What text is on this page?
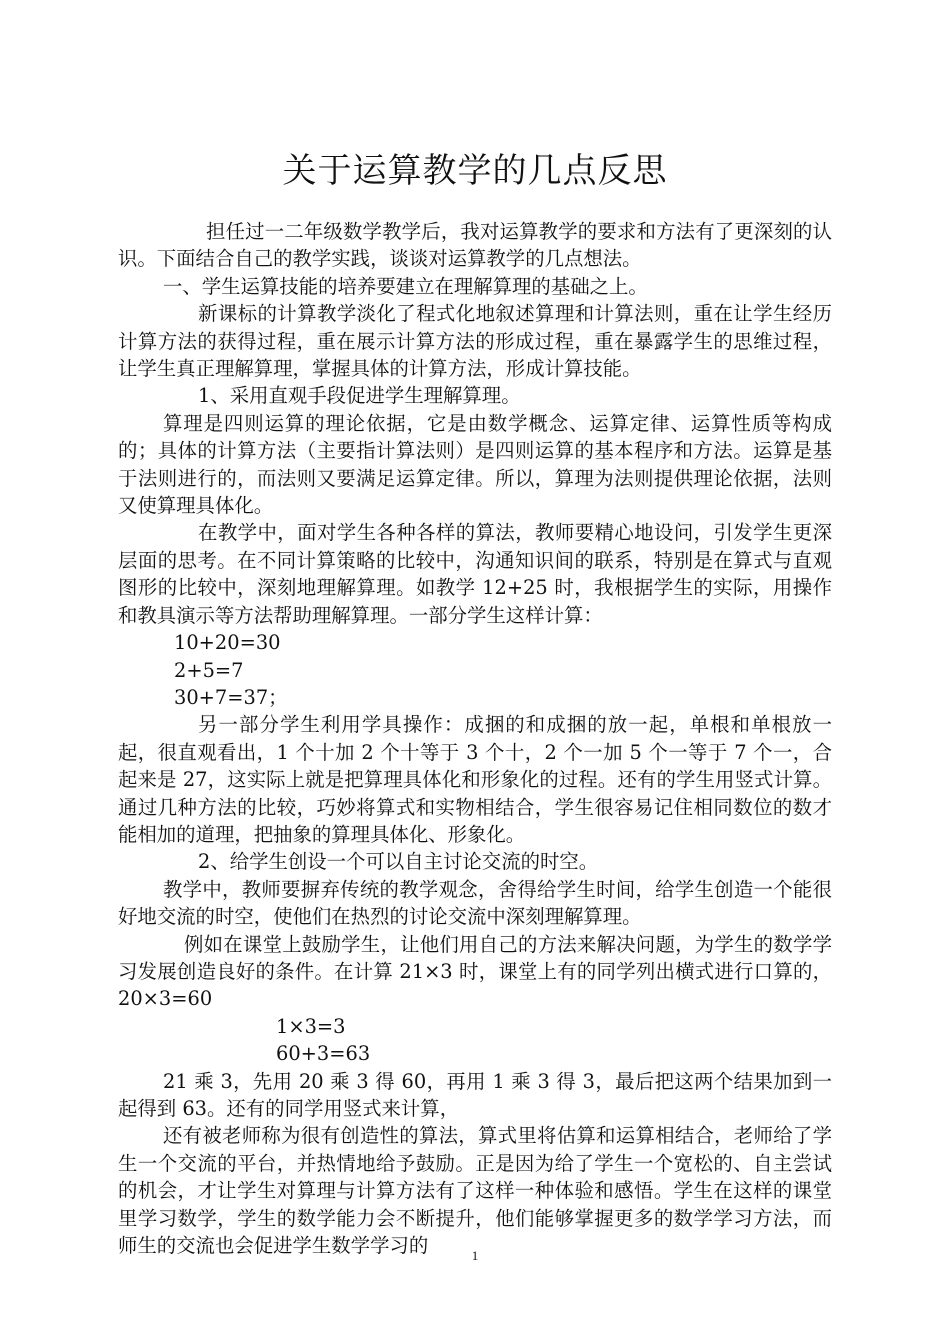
关于运算教学的几点反思

担任过一二年级数学教学后，我对运算教学的要求和方法有了更深刻的认识。下面结合自己的教学实践，谈谈对运算教学的几点想法。

一、学生运算技能的培养要建立在理解算理的基础之上。

新课标的计算教学淡化了程式化地叙述算理和计算法则，重在让学生经历计算方法的获得过程，重在展示计算方法的形成过程，重在暴露学生的思维过程，让学生真正理解算理，掌握具体的计算方法，形成计算技能。

1、采用直观手段促进学生理解算理。

算理是四则运算的理论依据，它是由数学概念、运算定律、运算性质等构成的；具体的计算方法（主要指计算法则）是四则运算的基本程序和方法。运算是基于法则进行的，而法则又要满足运算定律。所以，算理为法则提供理论依据，法则又使算理具体化。

在教学中，面对学生各种各样的算法，教师要精心地设问，引发学生更深层面的思考。在不同计算策略的比较中，沟通知识间的联系，特别是在算式与直观图形的比较中，深刻地理解算理。如教学 12+25 时，我根据学生的实际，用操作和教具演示等方法帮助理解算理。一部分学生这样计算：

10+20=30

2+5=7

30+7=37；

另一部分学生利用学具操作：成捆的和成捆的放一起，单根和单根放一起，很直观看出，1 个十加 2 个十等于 3 个十，2 个一加 5 个一等于 7 个一，合起来是 27，这实际上就是把算理具体化和形象化的过程。还有的学生用竖式计算。通过几种方法的比较，巧妙将算式和实物相结合，学生很容易记住相同数位的数才能相加的道理，把抽象的算理具体化、形象化。

2、给学生创设一个可以自主讨论交流的时空。

教学中，教师要摒弃传统的教学观念，舍得给学生时间，给学生创造一个能很好地交流的时空，使他们在热烈的讨论交流中深刻理解算理。

例如在课堂上鼓励学生，让他们用自己的方法来解决问题，为学生的数学学习发展创造良好的条件。在计算 21×3 时，课堂上有的同学列出横式进行口算的，20×3=60

1×3=3

60+3=63

21 乘 3，先用 20 乘 3 得 60，再用 1 乘 3 得 3，最后把这两个结果加到一起得到 63。还有的同学用竖式来计算，

还有被老师称为很有创造性的算法，算式里将估算和运算相结合，老师给了学生一个交流的平台，并热情地给予鼓励。正是因为给了学生一个宽松的、自主尝试的机会，才让学生对算理与计算方法有了这样一种体验和感悟。学生在这样的课堂里学习数学，学生的数学能力会不断提升，他们能够掌握更多的数学学习方法，而师生的交流也会促进学生数学学习的	1
